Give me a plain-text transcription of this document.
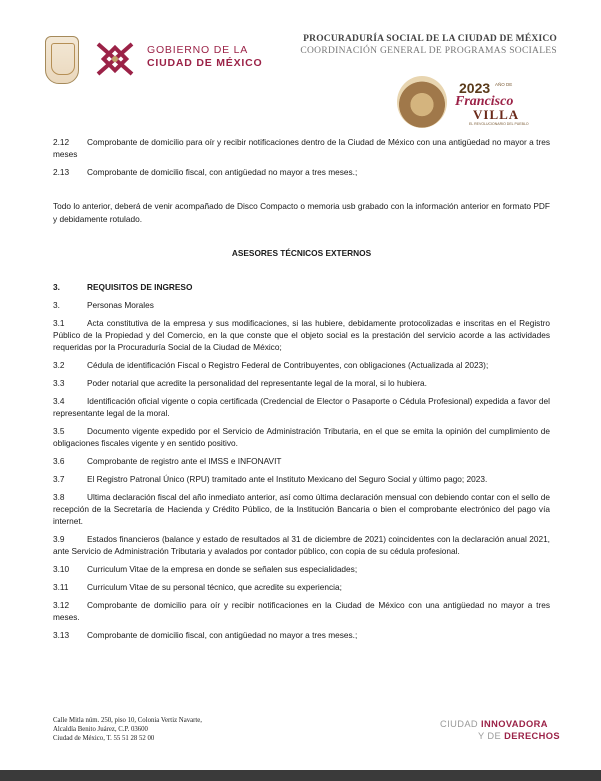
GOBIERNO DE LA
CIUDAD DE MÉXICO
PROCURADURÍA SOCIAL DE LA CIUDAD DE MÉXICO
COORDINACIÓN GENERAL DE PROGRAMAS SOCIALES
2023 AÑO DE
Francisco
VILLA
EL REVOLUCIONARIO DEL PUEBLO

2.12 Comprobante de domicilio para oír y recibir notificaciones dentro de la Ciudad de México con una antigüedad no mayor a tres meses

2.13 Comprobante de domicilio fiscal, con antigüedad no mayor a tres meses.;

Todo lo anterior, deberá de venir acompañado de Disco Compacto o memoria usb grabado con la información anterior en formato PDF y debidamente rotulado.

ASESORES TÉCNICOS EXTERNOS

3.	REQUISITOS DE INGRESO

3.	Personas Morales

3.1	Acta constitutiva de la empresa y sus modificaciones, si las hubiere, debidamente protocolizadas e inscritas en el Registro Público de la Propiedad y del Comercio, en la que conste que el objeto social es la prestación del servicio acorde a las actividades requeridas por la Procuraduría Social de la Ciudad de México;

3.2	Cédula de identificación Fiscal o Registro Federal de Contribuyentes, con obligaciones (Actualizada al 2023);

3.3	Poder notarial que acredite la personalidad del representante legal de la moral, si lo hubiera.

3.4	Identificación oficial vigente o copia certificada (Credencial de Elector o Pasaporte o Cédula Profesional) expedida a favor del representante legal de la moral.

3.5	Documento vigente expedido por el Servicio de Administración Tributaria, en el que se emita la opinión del cumplimiento de obligaciones fiscales vigente y en sentido positivo.

3.6	Comprobante de registro ante el IMSS e INFONAVIT

3.7	El Registro Patronal Único (RPU) tramitado ante el Instituto Mexicano del Seguro Social y último pago; 2023.

3.8	Ultima declaración fiscal del año inmediato anterior, así como última declaración mensual con debiendo contar con el sello de recepción de la Secretaría de Hacienda y Crédito Público, de la Institución Bancaria o bien el comprobante electrónico del pago vía internet.

3.9	Estados financieros (balance y estado de resultados al 31 de diciembre de 2021) coincidentes con la declaración anual 2021, ante Servicio de Administración Tributaria y avalados por contador público, con copia de su cédula profesional.

3.10 Curriculum Vitae de la empresa en donde se señalen sus especialidades;

3.11 Curriculum Vitae de su personal técnico, que acredite su experiencia;

3.12 Comprobante de domicilio para oír y recibir notificaciones en la Ciudad de México con una antigüedad no mayor a tres meses.

3.13 Comprobante de domicilio fiscal, con antigüedad no mayor a tres meses.;

Calle Mitla núm. 250, piso 10, Colonia Vertiz Navarte,
Alcaldía Benito Juárez, C.P. 03600
Ciudad de México, T. 55 51 28 52 00
CIUDAD INNOVADORA
Y DE DERECHOS
